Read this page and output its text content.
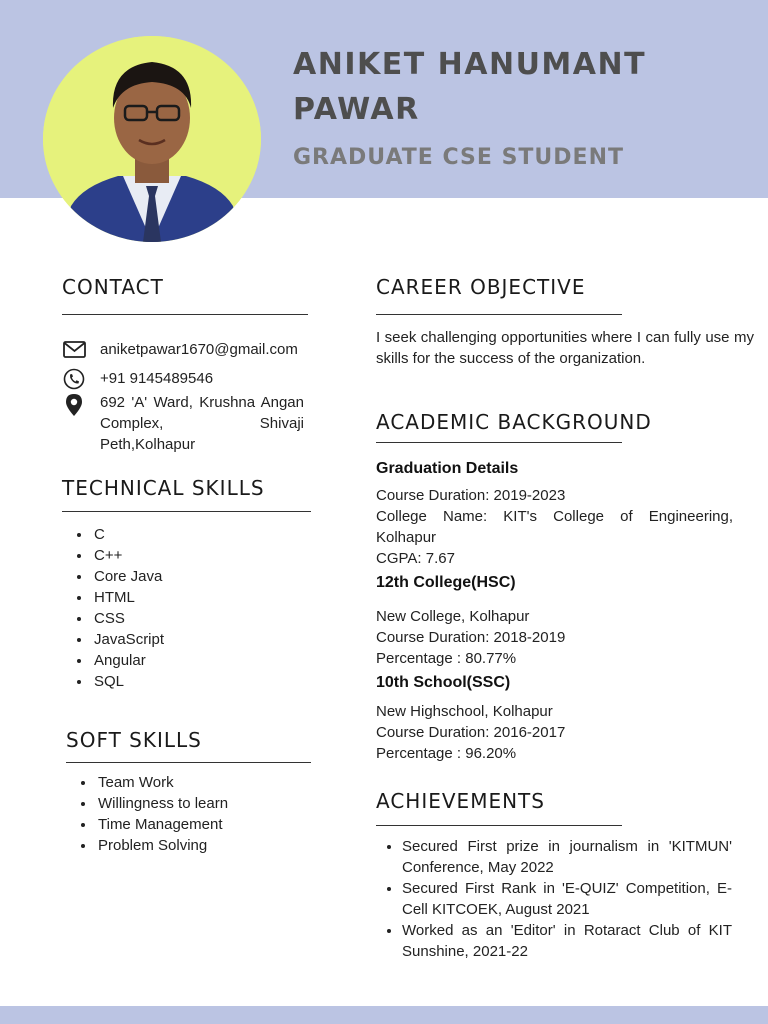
ANIKET HANUMANT PAWAR
GRADUATE CSE STUDENT
CONTACT
aniketpawar1670@gmail.com
+91 9145489546
692 'A' Ward, Krushna Angan Complex, Shivaji Peth,Kolhapur
TECHNICAL SKILLS
• C
• C++
• Core Java
• HTML
• CSS
• JavaScript
• Angular
• SQL
SOFT SKILLS
• Team Work
• Willingness to learn
• Time Management
• Problem Solving
CAREER OBJECTIVE

I seek challenging opportunities where I can fully use my skills for the success of the organization.

ACADEMIC BACKGROUND
Graduation Details
Course Duration: 2019-2023
College Name: KIT's College of Engineering, Kolhapur
CGPA: 7.67
12th College(HSC)
New College, Kolhapur
Course Duration: 2018-2019
Percentage : 80.77%
10th School(SSC)
New Highschool, Kolhapur
Course Duration: 2016-2017
Percentage : 96.20%
ACHIEVEMENTS
• Secured First prize in journalism in 'KITMUN' Conference, May 2022
• Secured First Rank in 'E-QUIZ' Competition, E-Cell KITCOEK, August 2021
• Worked as an 'Editor' in Rotaract Club of KIT Sunshine, 2021-22
